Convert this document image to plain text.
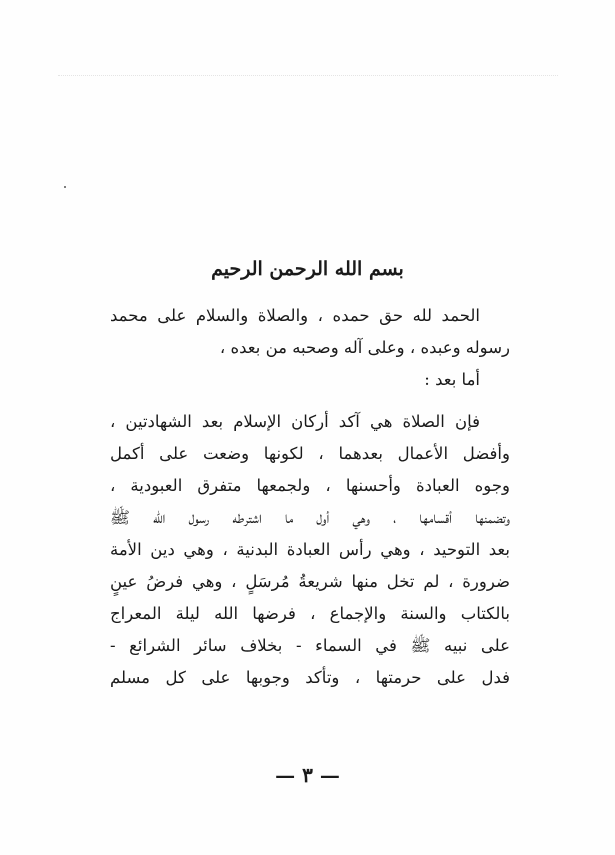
بسم الله الرحمن الرحيم
الحمد لله حق حمده ، والصلاة والسلام على محمد
رسوله وعبده ، وعلى آله وصحبه من بعده ،
أما بعد :
فإن الصلاة هي آكد أركان الإسلام بعد الشهادتين ،
وأفضل الأعمال بعدهما ، لكونها وضعت على أكمل
وجوه العبادة وأحسنها ، ولجمعها متفرق العبودية ،
وتضمنها أقسامها ، وهي أول ما اشترطه رسول الله ﷺ
بعد التوحيد ، وهي رأس العبادة البدنية ، وهي دين الأمة
ضرورة ، لم تخل منها شريعةُ مُرسَلٍ ، وهي فرضُ عينٍ
بالكتاب والسنة والإجماع ، فرضها الله ليلة المعراج
على نبيه ﷺ في السماء - بخلاف سائر الشرائع -
فدل على حرمتها ، وتأكد وجوبها على كل مسلم
— ٣ —
